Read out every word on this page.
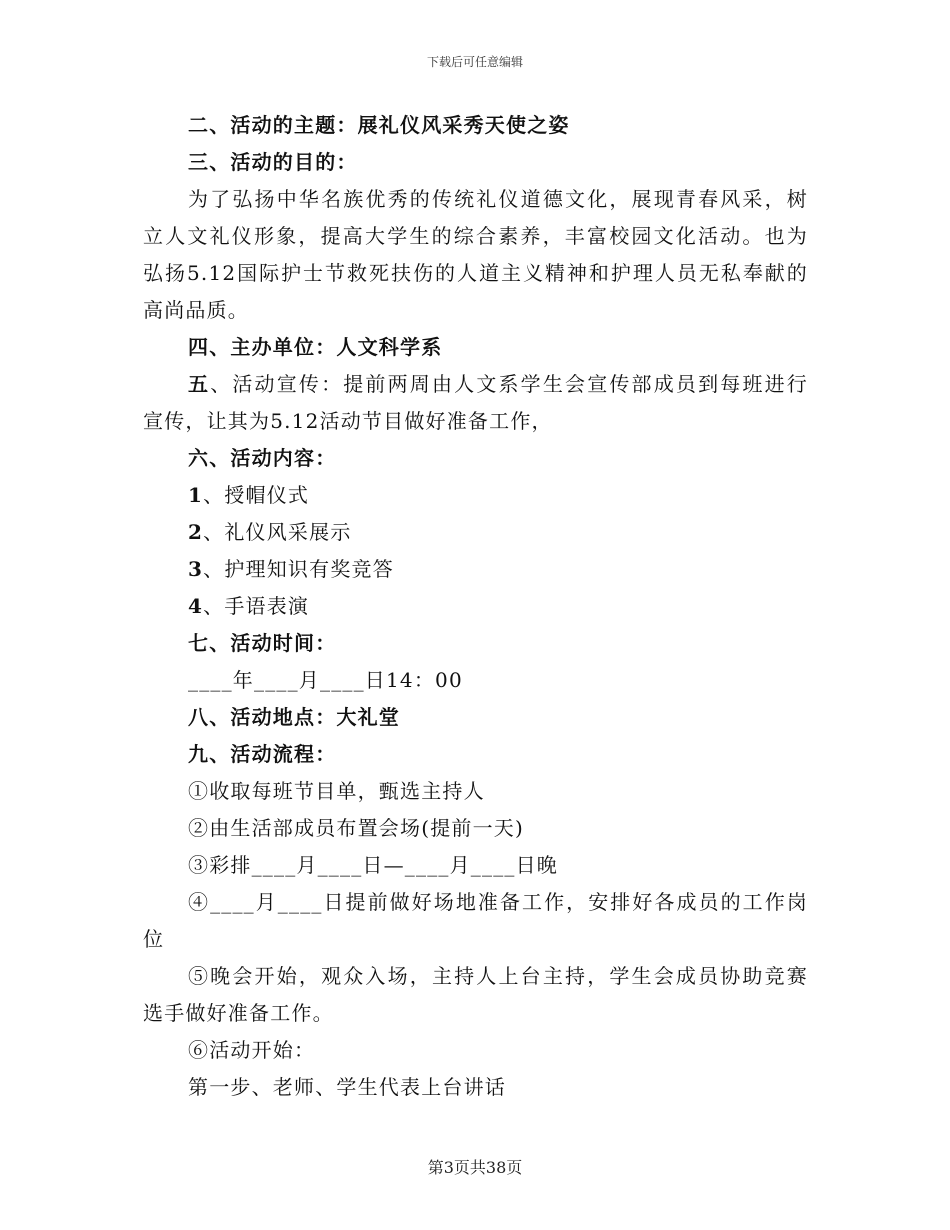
下载后可任意编辑
二、活动的主题：展礼仪风采秀天使之姿
三、活动的目的：
为了弘扬中华名族优秀的传统礼仪道德文化，展现青春风采，树
立人文礼仪形象，提高大学生的综合素养，丰富校园文化活动。也为
弘扬5.12国际护士节救死扶伤的人道主义精神和护理人员无私奉献的
高尚品质。
四、主办单位：人文科学系
五、活动宣传：提前两周由人文系学生会宣传部成员到每班进行
宣传，让其为5.12活动节目做好准备工作，
六、活动内容：
1、授帽仪式
2、礼仪风采展示
3、护理知识有奖竞答
4、手语表演
七、活动时间：
____年____月____日14：00
八、活动地点：大礼堂
九、活动流程：
①收取每班节目单，甄选主持人
②由生活部成员布置会场(提前一天)
③彩排____月____日—____月____日晚
④____月____日提前做好场地准备工作，安排好各成员的工作岗
位
⑤晚会开始，观众入场，主持人上台主持，学生会成员协助竞赛
选手做好准备工作。
⑥活动开始：
第一步、老师、学生代表上台讲话
第3页共38页
